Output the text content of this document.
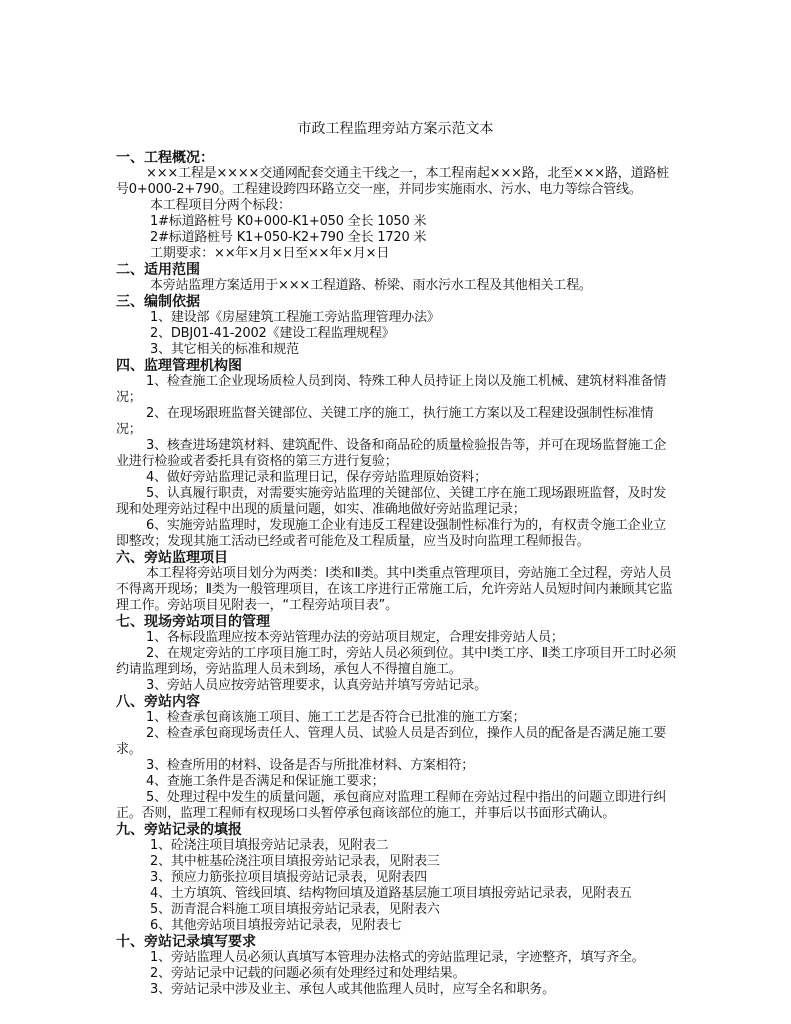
市政工程监理旁站方案示范文本
一、工程概况：
×××工程是××××交通网配套交通主干线之一，本工程南起×××路，北至×××路，道路桩号0+000-2+790。工程建设跨四环路立交一座，并同步实施雨水、污水、电力等综合管线。
本工程项目分两个标段：
1#标道路桩号 K0+000-K1+050 全长 1050 米
2#标道路桩号 K1+050-K2+790 全长 1720 米
工期要求：××年×月×日至××年×月×日
二、适用范围
本旁站监理方案适用于×××工程道路、桥梁、雨水污水工程及其他相关工程。
三、编制依据
1、建设部《房屋建筑工程施工旁站监理管理办法》
2、DBJ01-41-2002《建设工程监理规程》
3、其它相关的标准和规范
四、监理管理机构图
1、检查施工企业现场质检人员到岗、特殊工种人员持证上岗以及施工机械、建筑材料准备情况；
2、在现场跟班监督关键部位、关键工序的施工，执行施工方案以及工程建设强制性标准情况；
3、核查进场建筑材料、建筑配件、设备和商品砼的质量检验报告等，并可在现场监督施工企业进行检验或者委托具有资格的第三方进行复验；
4、做好旁站监理记录和监理日记，保存旁站监理原始资料；
5、认真履行职责，对需要实施旁站监理的关键部位、关键工序在施工现场跟班监督，及时发现和处理旁站过程中出现的质量问题，如实、准确地做好旁站监理记录；
6、实施旁站监理时，发现施工企业有违反工程建设强制性标准行为的，有权责令施工企业立即整改；发现其施工活动已经或者可能危及工程质量，应当及时向监理工程师报告。
六、旁站监理项目
本工程将旁站项目划分为两类：Ⅰ类和Ⅱ类。其中Ⅰ类重点管理项目，旁站施工全过程，旁站人员不得离开现场；Ⅱ类为一般管理项目，在该工序进行正常施工后，允许旁站人员短时间内兼顾其它监理工作。旁站项目见附表一，“工程旁站项目表”。
七、现场旁站项目的管理
1、各标段监理应按本旁站管理办法的旁站项目规定，合理安排旁站人员；
2、在规定旁站的工序项目施工时，旁站人员必须到位。其中Ⅰ类工序、Ⅱ类工序项目开工时必须约请监理到场，旁站监理人员未到场，承包人不得擅自施工。
3、旁站人员应按旁站管理要求，认真旁站并填写旁站记录。
八、旁站内容
1、检查承包商该施工项目、施工工艺是否符合已批准的施工方案；
2、检查承包商现场责任人、管理人员、试验人员是否到位，操作人员的配备是否满足施工要求。
3、检查所用的材料、设备是否与所批准材料、方案相符；
4、查施工条件是否满足和保证施工要求；
5、处理过程中发生的质量问题，承包商应对监理工程师在旁站过程中指出的问题立即进行纠正。否则，监理工程师有权现场口头暂停承包商该部位的施工，并事后以书面形式确认。
九、旁站记录的填报
1、砼浇注项目填报旁站记录表，见附表二
2、其中桩基砼浇注项目填报旁站记录表，见附表三
3、预应力筋张拉项目填报旁站记录表，见附表四
4、土方填筑、管线回填、结构物回填及道路基层施工项目填报旁站记录表，见附表五
5、沥青混合料施工项目填报旁站记录表，见附表六
6、其他旁站项目填报旁站记录表，见附表七
十、旁站记录填写要求
1、旁站监理人员必须认真填写本管理办法格式的旁站监理记录，字迹整齐，填写齐全。
2、旁站记录中记载的问题必须有处理经过和处理结果。
3、旁站记录中涉及业主、承包人或其他监理人员时，应写全名和职务。
